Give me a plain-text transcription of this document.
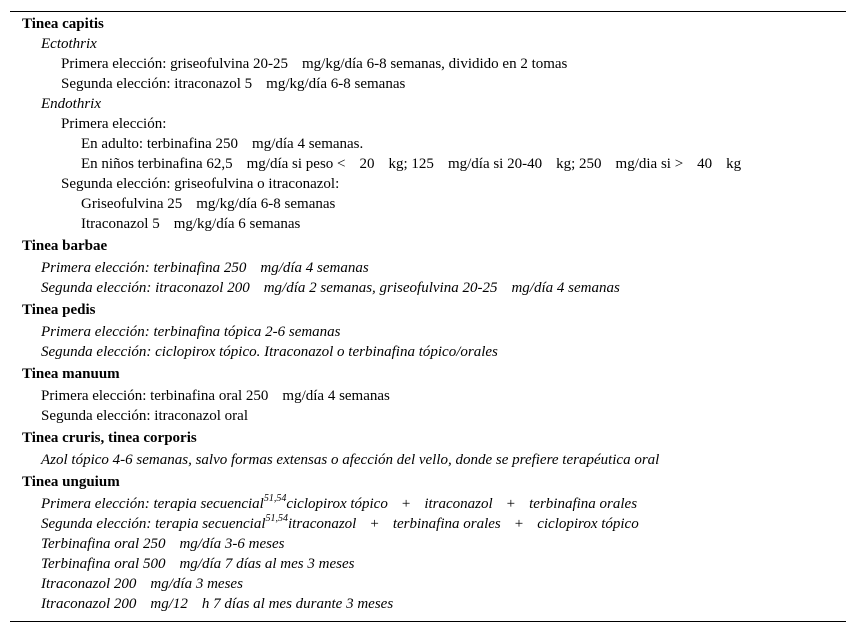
Tinea capitis
Ectothrix
Primera elección: griseofulvina 20-25 mg/kg/día 6-8 semanas, dividido en 2 tomas
Segunda elección: itraconazol 5 mg/kg/día 6-8 semanas
Endothrix
Primera elección:
En adulto: terbinafina 250 mg/día 4 semanas.
En niños terbinafina 62,5 mg/día si peso < 20 kg; 125 mg/día si 20-40 kg; 250 mg/dia si > 40 kg
Segunda elección: griseofulvina o itraconazol:
Griseofulvina 25 mg/kg/día 6-8 semanas
Itraconazol 5 mg/kg/día 6 semanas
Tinea barbae
Primera elección: terbinafina 250 mg/día 4 semanas
Segunda elección: itraconazol 200 mg/día 2 semanas, griseofulvina 20-25 mg/día 4 semanas
Tinea pedis
Primera elección: terbinafina tópica 2-6 semanas
Segunda elección: ciclopirox tópico. Itraconazol o terbinafina tópico/orales
Tinea manuum
Primera elección: terbinafina oral 250 mg/día 4 semanas
Segunda elección: itraconazol oral
Tinea cruris, tinea corporis
Azol tópico 4-6 semanas, salvo formas extensas o afección del vello, donde se prefiere terapéutica oral
Tinea unguium
Primera elección: terapia secuencial$^{51,54}$ciclopirox tópico + itraconazol + terbinafina orales
Segunda elección: terapia secuencial$^{51,54}$itraconazol + terbinafina orales + ciclopirox tópico
Terbinafina oral 250 mg/día 3-6 meses
Terbinafina oral 500 mg/día 7 días al mes 3 meses
Itraconazol 200 mg/día 3 meses
Itraconazol 200 mg/12 h 7 días al mes durante 3 meses
